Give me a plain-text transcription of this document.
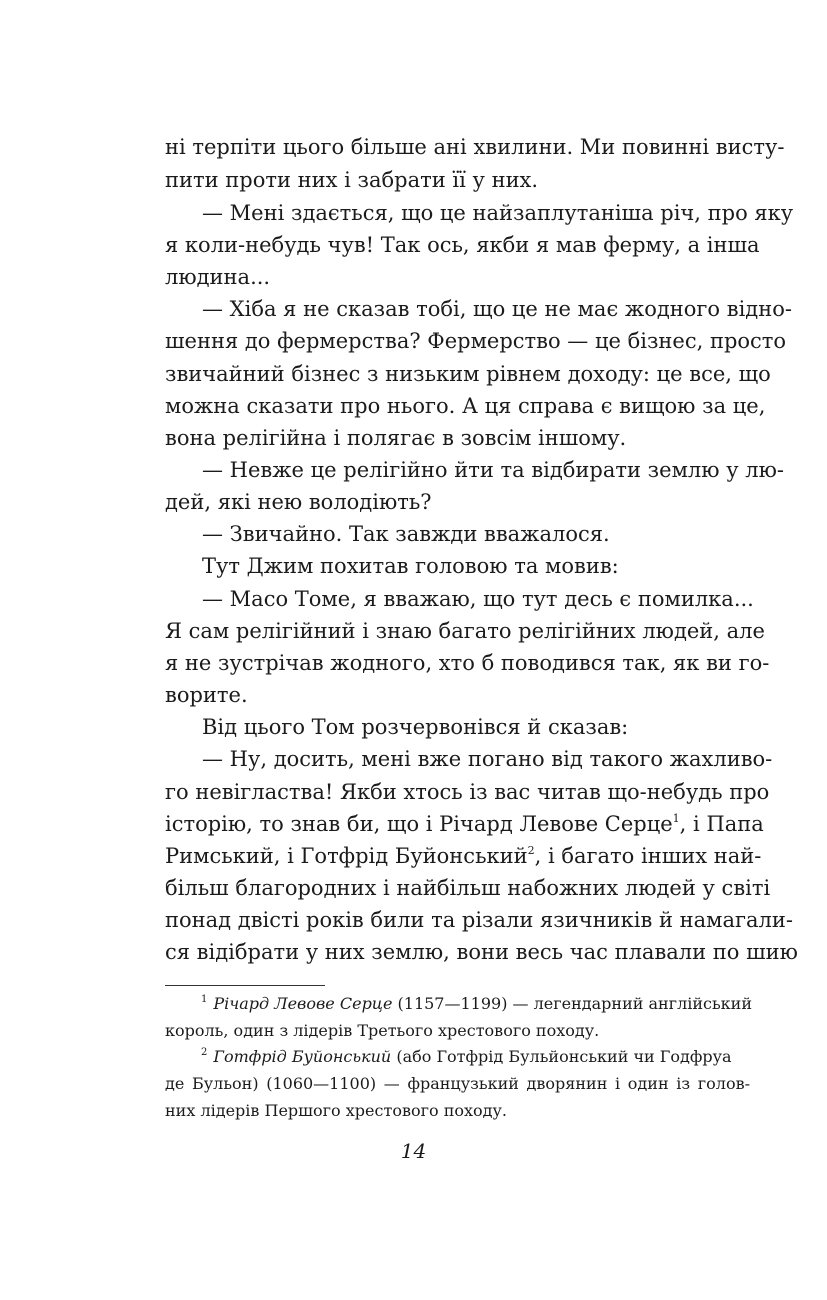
ні терпіти цього більше ані хвилини. Ми повинні висту-
пити проти них і забрати її у них.
— Мені здається, що це найзаплутаніша річ, про яку
я коли-небудь чув! Так ось, якби я мав ферму, а інша
людина...
— Хіба я не сказав тобі, що це не має жодного відно-
шення до фермерства? Фермерство — це бізнес, просто
звичайний бізнес з низьким рівнем доходу: це все, що
можна сказати про нього. А ця справа є вищою за це,
вона релігійна і полягає в зовсім іншому.
— Невже це релігійно йти та відбирати землю у лю-
дей, які нею володіють?
— Звичайно. Так завжди вважалося.
Тут Джим похитав головою та мовив:
— Масо Томе, я вважаю, що тут десь є помилка...
Я сам релігійний і знаю багато релігійних людей, але
я не зустрічав жодного, хто б поводився так, як ви го-
ворите.
Від цього Том розчервонівся й сказав:
— Ну, досить, мені вже погано від такого жахливо-
го невігластва! Якби хтось із вас читав що-небудь про
історію, то знав би, що і Річард Левове Серце$^1$, і Папа
Римський, і Готфрід Буйонський$^2$, і багато інших най-
більш благородних і найбільш набожних людей у світі
понад двісті років били та різали язичників й намагали-
ся відібрати у них землю, вони весь час плавали по шию
$^1$ Річард Левове Серце (1157—1199) — легендарний англійський
король, один з лідерів Третього хрестового походу.
$^2$ Готфрід Буйонський (або Готфрід Бульйонський чи Годфруа
де Бульон) (1060—1100) — французький дворянин і один із голов-
них лідерів Першого хрестового походу.
14
